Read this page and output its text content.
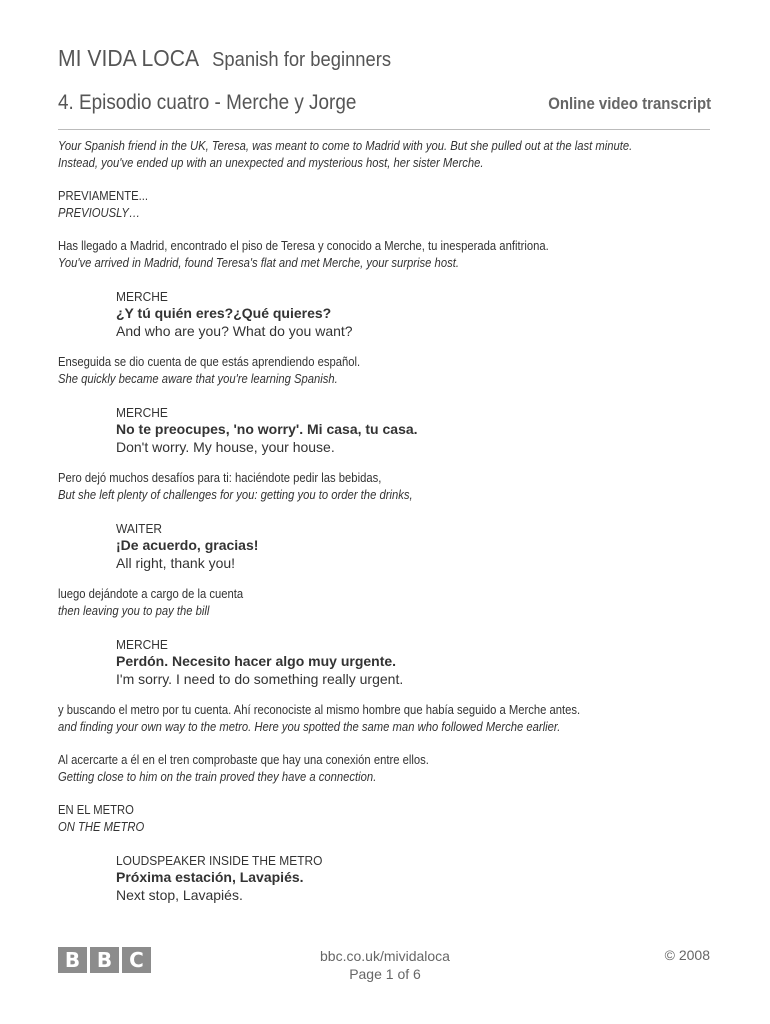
MI VIDA LOCA Spanish for beginners
4. Episodio cuatro - Merche y Jorge	Online video transcript
Your Spanish friend in the UK, Teresa, was meant to come to Madrid with you. But she pulled out at the last minute.
Instead, you've ended up with an unexpected and mysterious host, her sister Merche.
PREVIAMENTE...
PREVIOUSLY…
Has llegado a Madrid, encontrado el piso de Teresa y conocido a Merche, tu inesperada anfitriona.
You've arrived in Madrid, found Teresa's flat and met Merche, your surprise host.
MERCHE
¿Y tú quién eres?¿Qué quieres?
And who are you? What do you want?
Enseguida se dio cuenta de que estás aprendiendo español.
She quickly became aware that you're learning Spanish.
MERCHE
No te preocupes, 'no worry'. Mi casa, tu casa.
Don't worry. My house, your house.
Pero dejó muchos desafíos para ti: haciéndote pedir las bebidas,
But she left plenty of challenges for you: getting you to order the drinks,
WAITER
¡De acuerdo, gracias!
All right, thank you!
luego dejándote a cargo de la cuenta
then leaving you to pay the bill
MERCHE
Perdón. Necesito hacer algo muy urgente.
I'm sorry. I need to do something really urgent.
y buscando el metro por tu cuenta. Ahí reconociste al mismo hombre que había seguido a Merche antes.
and finding your own way to the metro. Here you spotted the same man who followed Merche earlier.
Al acercarte a él en el tren comprobaste que hay una conexión entre ellos.
Getting close to him on the train proved they have a connection.
EN EL METRO
ON THE METRO
LOUDSPEAKER INSIDE THE METRO
Próxima estación, Lavapiés.
Next stop, Lavapiés.
B B C	bbc.co.uk/mividaloca
Page 1 of 6
© 2008
